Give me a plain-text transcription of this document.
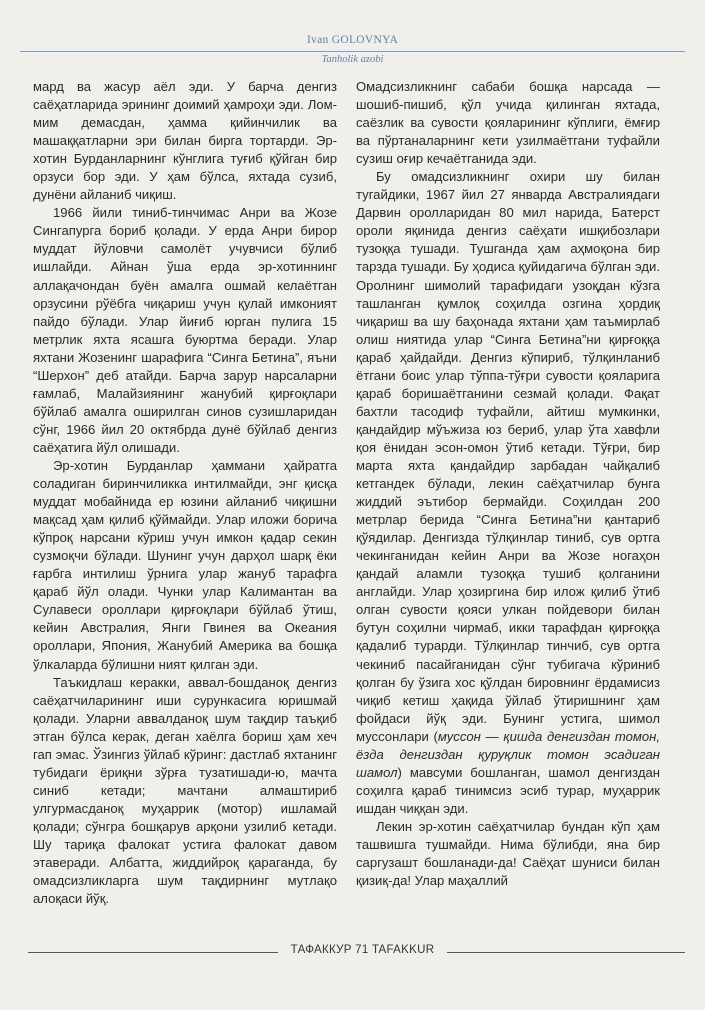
Ivan GOLOVNYA
Tanholik azobi

мард ва жасур аёл эди. У барча денгиз саёҳатларида эрининг доимий ҳамроҳи эди. Лом-мим демасдан, ҳамма қийинчилик ва машаққатларни эри билан бирга тортарди. Эр-хотин Бурданларнинг кўнглига туғиб қўйган бир орзуси бор эди. У ҳам бўлса, яхтада сузиб, дунёни айланиб чиқиш.

1966 йили тиниб-тинчимас Анри ва Жозе Сингапурга бориб қолади. У ерда Анри бирор муддат йўловчи самолёт учувчиси бўлиб ишлайди. Айнан ўша ерда эр-хотиннинг аллақачондан буён амалга ошмай келаётган орзусини рўёбга чиқариш учун қулай имконият пайдо бўлади. Улар йиғиб юрган пулига 15 метрлик яхта ясашга буюртма беради. Улар яхтани Жозенинг шарафига “Синга Бетина”, яъни “Шерхон” деб атайди. Барча зарур нарсаларни ғамлаб, Малайзиянинг жанубий қирғоқлари бўйлаб амалга оширилган синов сузишларидан сўнг, 1966 йил 20 октябрда дунё бўйлаб денгиз саёҳатига йўл олишади.

Эр-хотин Бурданлар ҳаммани ҳайратга соладиган биринчиликка интилмайди, энг қисқа муддат мобайнида ер юзини айланиб чиқишни мақсад ҳам қилиб қўймайди. Улар иложи борича кўпроқ нарсани кўриш учун имкон қадар секин сузмоқчи бўлади. Шунинг учун дарҳол шарқ ёки ғарбга интилиш ўрнига улар жануб тарафга қараб йўл олади. Чунки улар Калимантан ва Сулавеси ороллари қирғоқлари бўйлаб ўтиш, кейин Австралия, Янги Гвинея ва Океания ороллари, Япония, Жанубий Америка ва бошқа ўлкаларда бўлишни ният қилган эди.

Таъкидлаш керакки, аввал-бошданоқ денгиз саёҳатчиларининг иши сурункасига юришмай қолади. Уларни аввалданоқ шум тақдир таъқиб этган бўлса керак, деган хаёлга бориш ҳам хеч гап эмас. Ўзингиз ўйлаб кўринг: дастлаб яхтанинг тубидаги ёриқни зўрға тузатишади-ю, мачта синиб кетади; мачтани алмаштириб улгурмасданоқ муҳаррик (мотор) ишламай қолади; сўнгра бошқарув арқони узилиб кетади. Шу тариқа фалокат устига фалокат давом этаверади. Албатта, жиддийроқ қараганда, бу омадсизликларга шум тақдирнинг мутлақо алоқаси йўқ.

Омадсизликнинг сабаби бошқа нарсада — шошиб-пишиб, қўл учида қилинган яхтада, саёзлик ва сувости қояларининг кўплиги, ёмғир ва пўртаналарнинг кети узилмаётгани туфайли сузиш оғир кечаётганида эди.

Бу омадсизликнинг охири шу билан тугайдики, 1967 йил 27 январда Австралиядаги Дарвин оролларидан 80 мил нарида, Батерст ороли яқинида денгиз саёҳати ишқибозлари тузоққа тушади. Тушганда ҳам аҳмоқона бир тарзда тушади. Бу ҳодиса қуйидагича бўлган эди. Оролнинг шимолий тарафидаги узоқдан кўзга ташланган қумлоқ соҳилда озгина ҳордиқ чиқариш ва шу баҳонада яхтани ҳам таъмирлаб олиш ниятида улар “Синга Бетина”ни қирғоққа қараб ҳайдайди. Денгиз кўпириб, тўлқинланиб ётгани боис улар тўппа-тўғри сувости қояларига қараб боришаётганини сезмай қолади. Фақат бахтли тасодиф туфайли, айтиш мумкинки, қандайдир мўъжиза юз бериб, улар ўта хавфли қоя ёнидан эсон-омон ўтиб кетади. Тўғри, бир марта яхта қандайдир зарбадан чайқалиб кетгандек бўлади, лекин саёҳатчилар бунга жиддий эътибор бермайди. Соҳилдан 200 метрлар берида “Синга Бетина”ни қантариб қўядилар. Денгизда тўлқинлар тиниб, сув ортга чекинганидан кейин Анри ва Жозе ногаҳон қандай аламли тузоққа тушиб қолганини англайди. Улар ҳозиргина бир илож қилиб ўтиб олган сувости қояси улкан пойдевори билан бутун соҳилни чирмаб, икки тарафдан қирғоққа қадалиб турарди. Тўлқинлар тинчиб, сув ортга чекиниб пасайганидан сўнг тубигача кўриниб қолган бу ўзига хос қўлдан бировнинг ёрдамисиз чиқиб кетиш ҳақида ўйлаб ўтиришнинг ҳам фойдаси йўқ эди. Бунинг устига, шимол муссонлари (муссон — қишда денгиздан томон, ёзда денгиздан қуруқлик томон эсадиган шамол) мавсуми бошланган, шамол денгиздан соҳилга қараб тинимсиз эсиб турар, муҳаррик ишдан чиққан эди.

Лекин эр-хотин саёҳатчилар бундан кўп ҳам ташвишга тушмайди. Нима бўлибди, яна бир саргузашт бошланади-да! Саёҳат шуниси билан қизиқ-да! Улар маҳаллий

ТАФАККУР 71 TAFAKKUR
